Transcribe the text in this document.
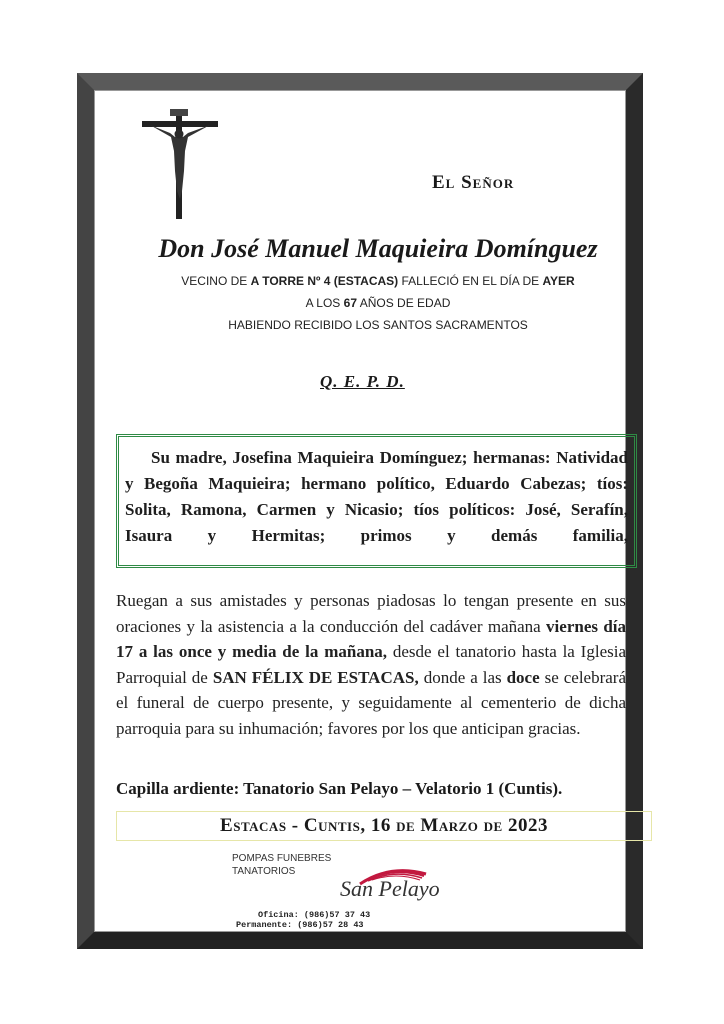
El Señor
Don José Manuel Maquieira Domínguez
VECINO DE A TORRE Nº 4 (ESTACAS) FALLECIÓ EN EL DÍA DE AYER
A LOS 67 AÑOS DE EDAD
HABIENDO RECIBIDO LOS SANTOS SACRAMENTOS
Q. E. P. D.

Su madre, Josefina Maquieira Domínguez; hermanas: Natividad y Begoña Maquieira; hermano político, Eduardo Cabezas; tíos: Solita, Ramona, Carmen y Nicasio; tíos políticos: José, Serafín, Isaura y Hermitas; primos y demás familia,

Ruegan a sus amistades y personas piadosas lo tengan presente en sus oraciones y la asistencia a la conducción del cadáver mañana viernes día 17 a las once y media de la mañana, desde el tanatorio hasta la Iglesia Parroquial de SAN FÉLIX DE ESTACAS, donde a las doce se celebrará el funeral de cuerpo presente, y seguidamente al cementerio de dicha parroquia para su inhumación; favores por los que anticipan gracias.
Capilla ardiente: Tanatorio San Pelayo – Velatorio 1 (Cuntis).
Estacas - Cuntis, 16 de Marzo de 2023
POMPAS FUNEBRES
TANATORIOS
San Pelayo
Oficina: (986)57 37 43
Permanente: (986)57 28 43
